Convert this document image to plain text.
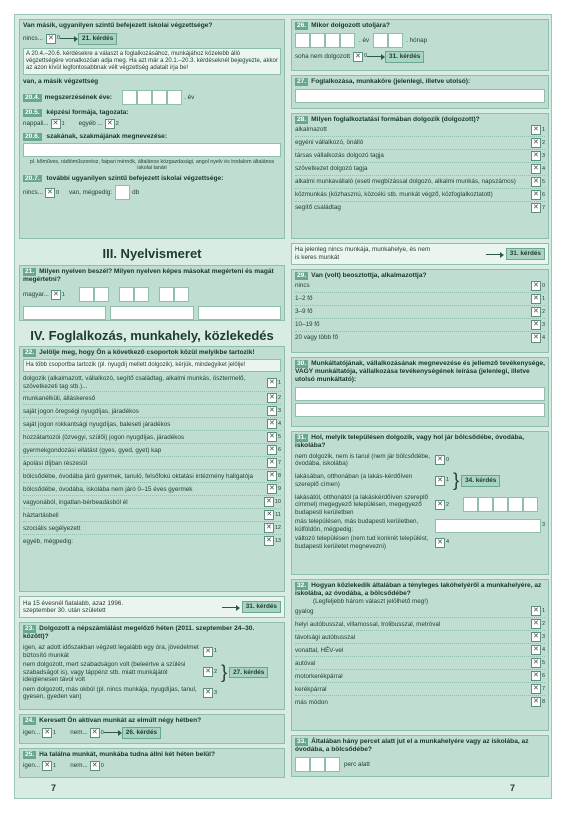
Van másik, ugyanilyen szintű befejezett iskolai végzettsége?
nincs... ✕	0	21. kérdés
A 20.4.–20.6. kérdésekre a választ a foglalkozásához, munkájához közelebb álló végzettségére vonatkozóan adja meg. Ha azt már a 20.1.–20.3. kérdéseknél bejegyezte, akkor az azon kívül legfontosabbnak vélt végzettség adatait írja be!
van, a másik végzettség
20.4. megszerzésének éve:	. év
20.5. képzési formája, tagozata:
nappali... ✕ 1 egyéb ... ✕ 2
20.6. szakának, szakmájának megnevezése:
pl. kőműves, rádióműszerész, faipari mérnök, általános közgazdasági, angol nyelv és irodalom általános iskolai tanári
20.7. további ugyanilyen szintű befejezett iskolai végzettsége:
nincs... ✕ 0 van, mégpedig:	db
III. Nyelvismeret
21. Milyen nyelven beszél? Milyen nyelven képes másokat megérteni és magát megértetni?
magyar... ✕ 1
IV. Foglalkozás, munkahely, közlekedés
22. Jelölje meg, hogy Ön a következő csoportok közül melyikbe tartozik!
Ha több csoportba tartozik (pl. nyugdíj mellett dolgozik), kérjük, mindegyiket jelölje!
dolgozik (alkalmazott, vállalkozó, segítő családtag, alkalmi munkás, ösztermelő, szövetkezeti tag stb.)... ✕	1
munkanélküli, álláskereső ✕	2
saját jogon öregségi nyugdíjas, járadékos ✕	3
saját jogon rokkantsági nyugdíjas, baleseti járadékos ✕	4
hozzátartozói (özvegyi, szülői) jogon nyugdíjas, járadékos ✕	5
gyermekgondozási ellátást (gyes, gyed, gyet) kap ✕	6
ápolási díjban részesül ✕	7
bölcsődébe, óvodába járó gyermek, tanuló, felsőfokú oktatási intézmény hallgatója ✕	8
bölcsődébe, óvodába, iskolába nem járó 0–15 éves gyermek ✕	9
vagyonából, ingatlan-bérbeadásból él ✕	10
háztartásbeli ✕	11
szociális segélyezett ✕	12
egyéb, mégpedig: ✕	13
Ha 15 évesnél fiatalabb, azaz 1996. szeptember 30. után született
31. kérdés
23. Dolgozott a népszámlálást megelőző héten (2011. szeptember 24–30. között)?
igen, az adott időszakban végzett legalább egy óra, jövedelmet biztosító munkát
✕
1
nem dolgozott, mert szabadságon volt (beleértve a szülési szabadságot is), vagy táppénz stb. miatt munkájától ideiglenesen távol volt
✕
2 } 27. kérdés
nem dolgozott, más okból (pl. nincs munkája, nyugdíjas, tanul, gyesen, gyeden van)
✕
3
24. Keresett Ön aktívan munkát az elmúlt négy hétben?
igen... ✕ 1 nem... ✕ 0	26. kérdés
25. Ha találna munkát, munkába tudna állni két héten belül?
igen... ✕ 1 nem... ✕ 0
26. Mikor dolgozott utoljára?
. év	. hónap
soha nem dolgozott ✕	0	31. kérdés
27. Foglalkozása, munkaköre (jelenlegi, illetve utolsó):
28. Milyen foglalkoztatási formában dolgozik (dolgozott)?
alkalmazott ✕	1
egyéni vállalkozó, önálló ✕	2
társas vállalkozás dolgozó tagja ✕	3
szövetkezet dolgozó tagja ✕	4
alkalmi munkavállaló (eseti megbízással dolgozó, alkalmi munkás, napszámos) ✕	5
közmunkás (közhasznú, közcélú stb. munkát végző, közfoglalkoztatott) ✕	6
segítő családtag ✕	7
Ha jelenleg nincs munkája, munkahelye, és nem is keres munkát
31. kérdés
29. Van (volt) beosztottja, alkalmazottja?
nincs ✕	0
1–2 fő ✕	1
3–9 fő ✕	2
10–19 fő ✕	3
20 vagy több fő ✕	4
30. Munkáltatójának, vállalkozásának megnevezése és jellemző tevékenysége, VAGY munkáltatója, vállalkozása tevékenységének leírása (jelenlegi, illetve utolsó munkáltató):
31. Hol, melyik településen dolgozik, vagy hol jár bölcsődébe, óvodába, iskolába?
nem dolgozik, nem is tanul (nem jár bölcsődébe, óvodába, iskolába)
✕
0
lakásában, otthonában (a lakás-kérdőíven szereplő címen)
✕
1 } 34. kérdés
lakásától, otthonától (a lakáskérdőíven szereplő címmel) megegyező településen, megegyező budapesti kerületben
✕
2
más településen, más budapesti kerületben, külföldön, mégpedig:
3
változó településen (nem tud konkrét települést, budapesti kerületet megnevezni)
✕
4
32. Hogyan közlekedik általában a tényleges lakóhelyéről a munkahelyére, az iskolába, az óvodába, a bölcsődébe?
(Legfeljebb három választ jelölhető meg!)
gyalog ✕	1
helyi autóbusszal, villamossal, trolibusszal, metróval ✕	2
távolsági autóbusszal ✕	3
vonattal, HÉV-vel ✕	4
autóval ✕	5
motorkerékpárral ✕	6
kerékpárral ✕	7
más módon ✕	8
33. Általában hány percet alatt jut el a munkahelyére vagy az iskolába, az óvodába, a bölcsődébe?
perc alatt
7	7
